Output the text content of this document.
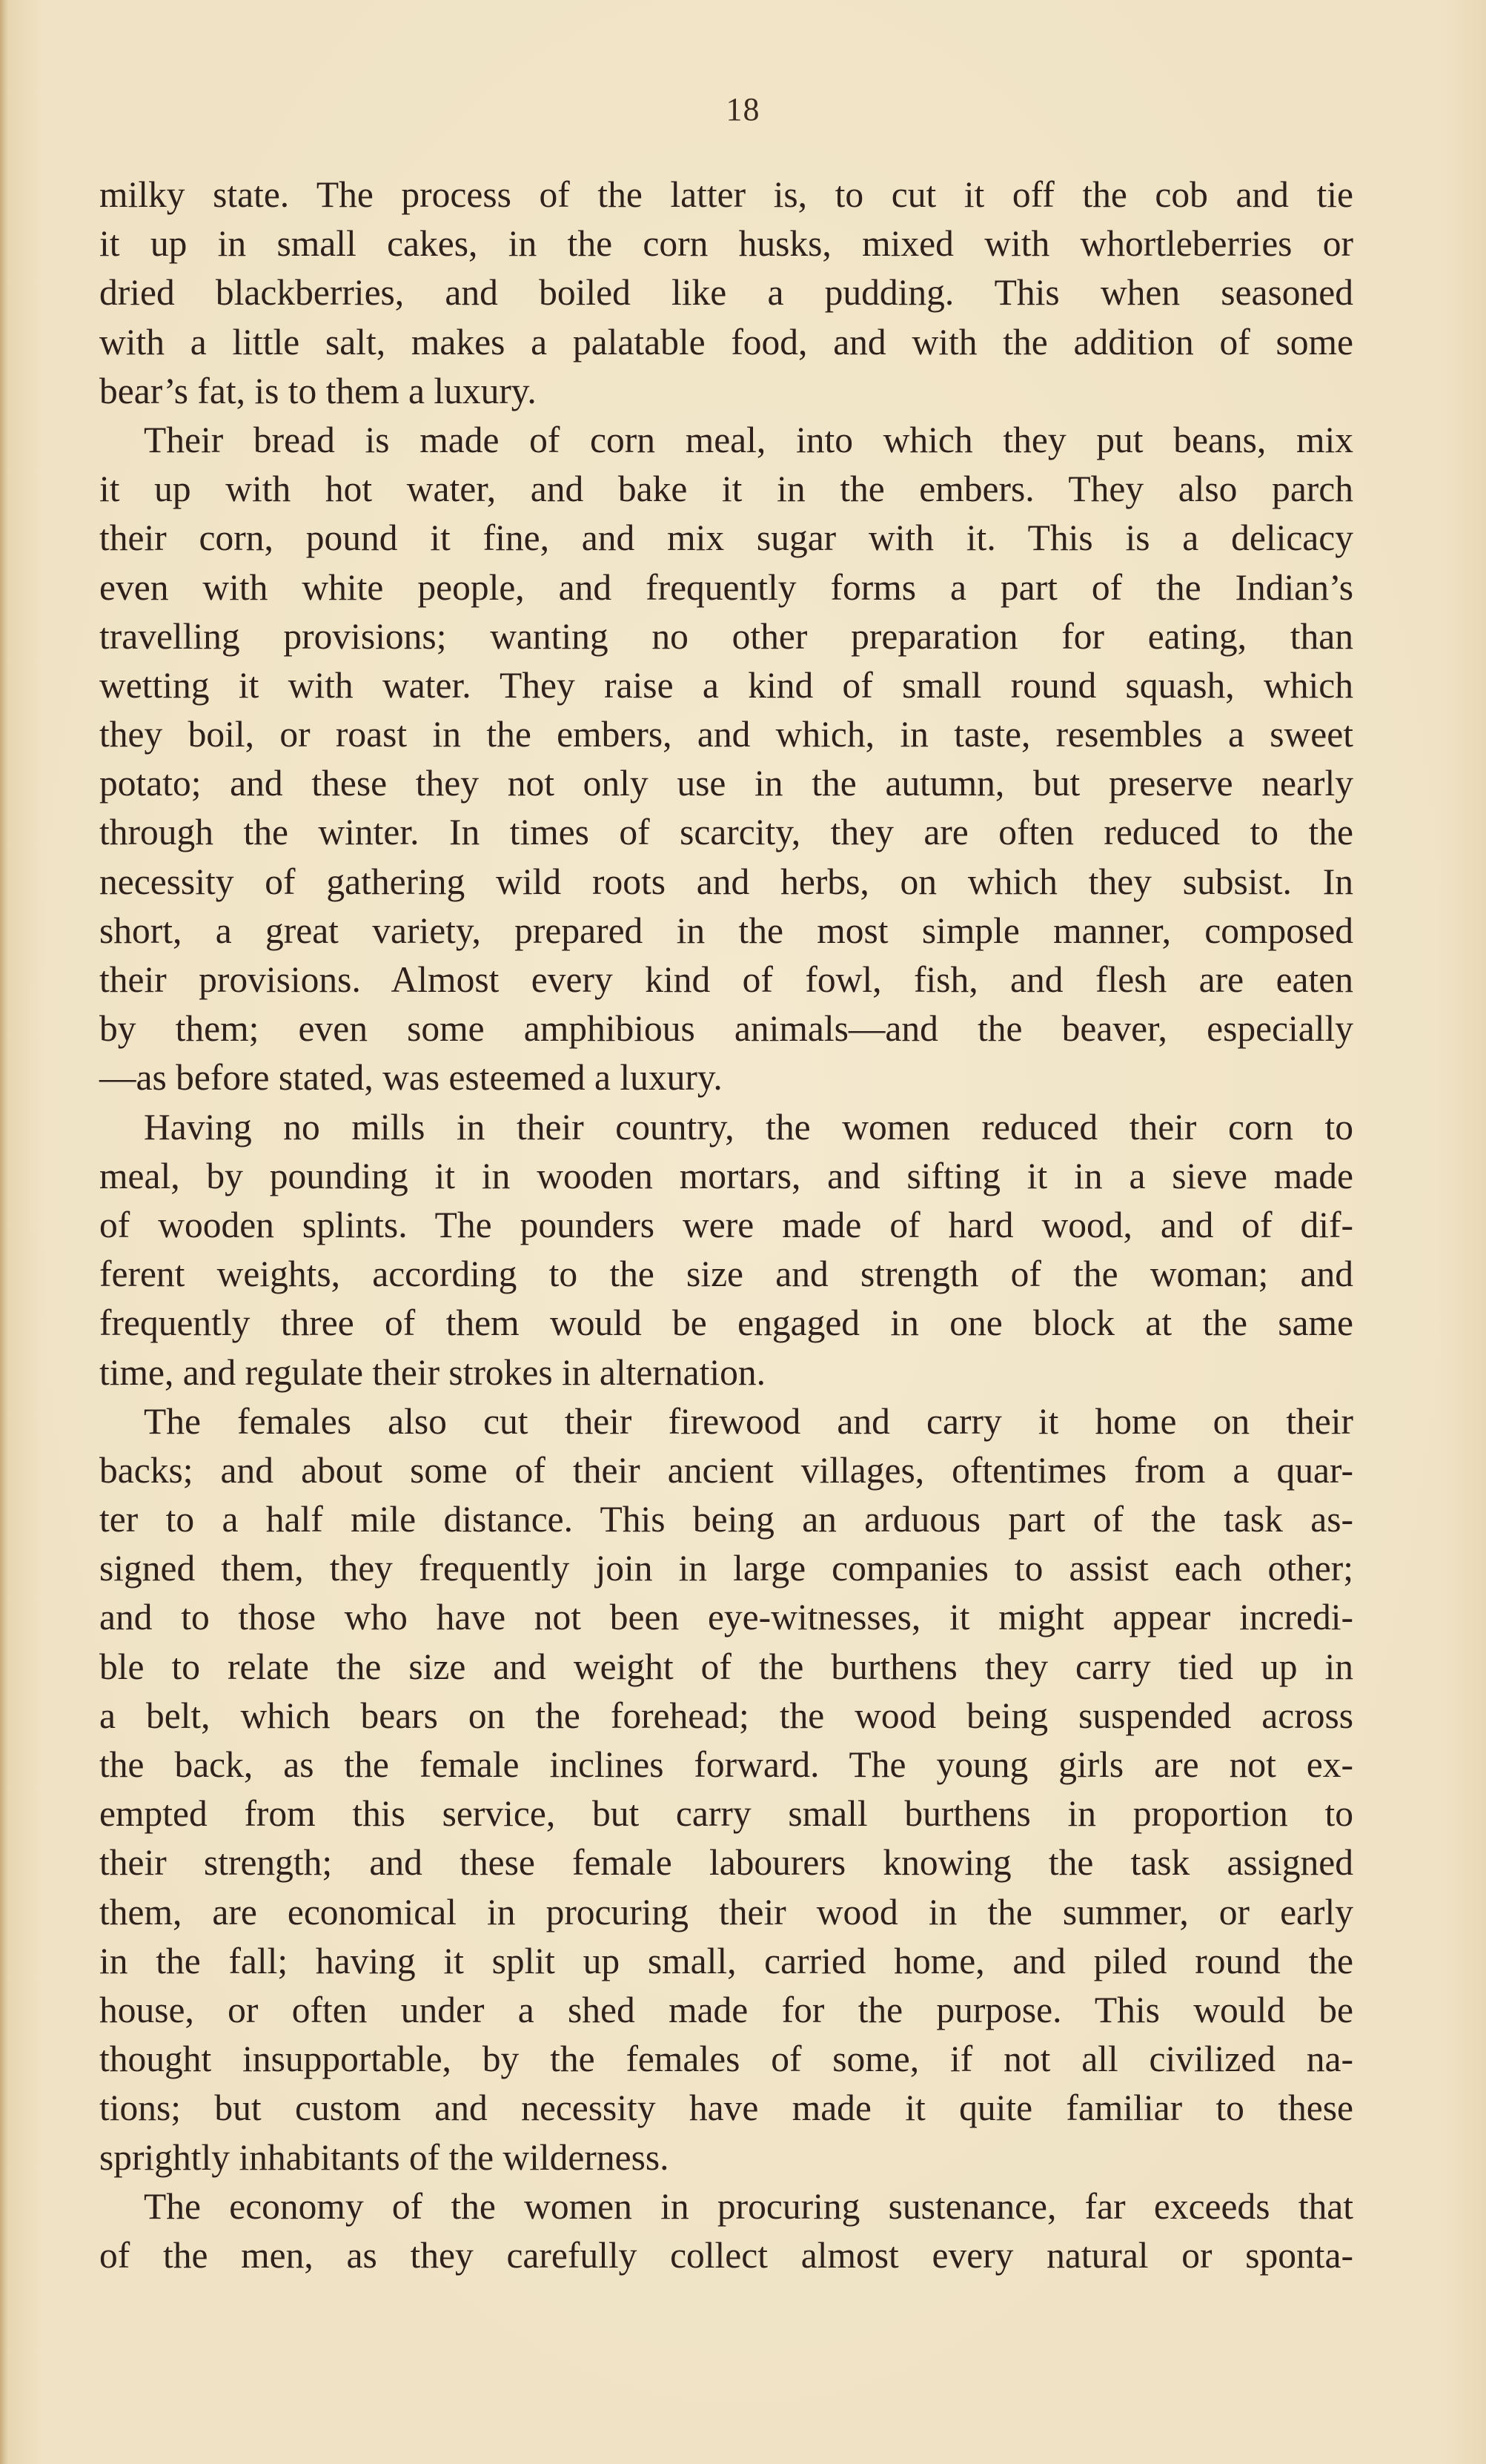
18
milky state. The process of the latter is, to cut it off the cob and tie
it up in small cakes, in the corn husks, mixed with whortleberries or
dried blackberries, and boiled like a pudding. This when seasoned
with a little salt, makes a palatable food, and with the addition of some
bear’s fat, is to them a luxury.
Their bread is made of corn meal, into which they put beans, mix
it up with hot water, and bake it in the embers. They also parch
their corn, pound it fine, and mix sugar with it. This is a delicacy
even with white people, and frequently forms a part of the Indian’s
travelling provisions; wanting no other preparation for eating, than
wetting it with water. They raise a kind of small round squash, which
they boil, or roast in the embers, and which, in taste, resembles a sweet
potato; and these they not only use in the autumn, but preserve nearly
through the winter. In times of scarcity, they are often reduced to the
necessity of gathering wild roots and herbs, on which they subsist. In
short, a great variety, prepared in the most simple manner, composed
their provisions. Almost every kind of fowl, fish, and flesh are eaten
by them; even some amphibious animals—and the beaver, especially
—as before stated, was esteemed a luxury.
Having no mills in their country, the women reduced their corn to
meal, by pounding it in wooden mortars, and sifting it in a sieve made
of wooden splints. The pounders were made of hard wood, and of dif-
ferent weights, according to the size and strength of the woman; and
frequently three of them would be engaged in one block at the same
time, and regulate their strokes in alternation.
The females also cut their firewood and carry it home on their
backs; and about some of their ancient villages, oftentimes from a quar-
ter to a half mile distance. This being an arduous part of the task as-
signed them, they frequently join in large companies to assist each other;
and to those who have not been eye-witnesses, it might appear incredi-
ble to relate the size and weight of the burthens they carry tied up in
a belt, which bears on the forehead; the wood being suspended across
the back, as the female inclines forward. The young girls are not ex-
empted from this service, but carry small burthens in proportion to
their strength; and these female labourers knowing the task assigned
them, are economical in procuring their wood in the summer, or early
in the fall; having it split up small, carried home, and piled round the
house, or often under a shed made for the purpose. This would be
thought insupportable, by the females of some, if not all civilized na-
tions; but custom and necessity have made it quite familiar to these
sprightly inhabitants of the wilderness.
The economy of the women in procuring sustenance, far exceeds that
of the men, as they carefully collect almost every natural or sponta-
